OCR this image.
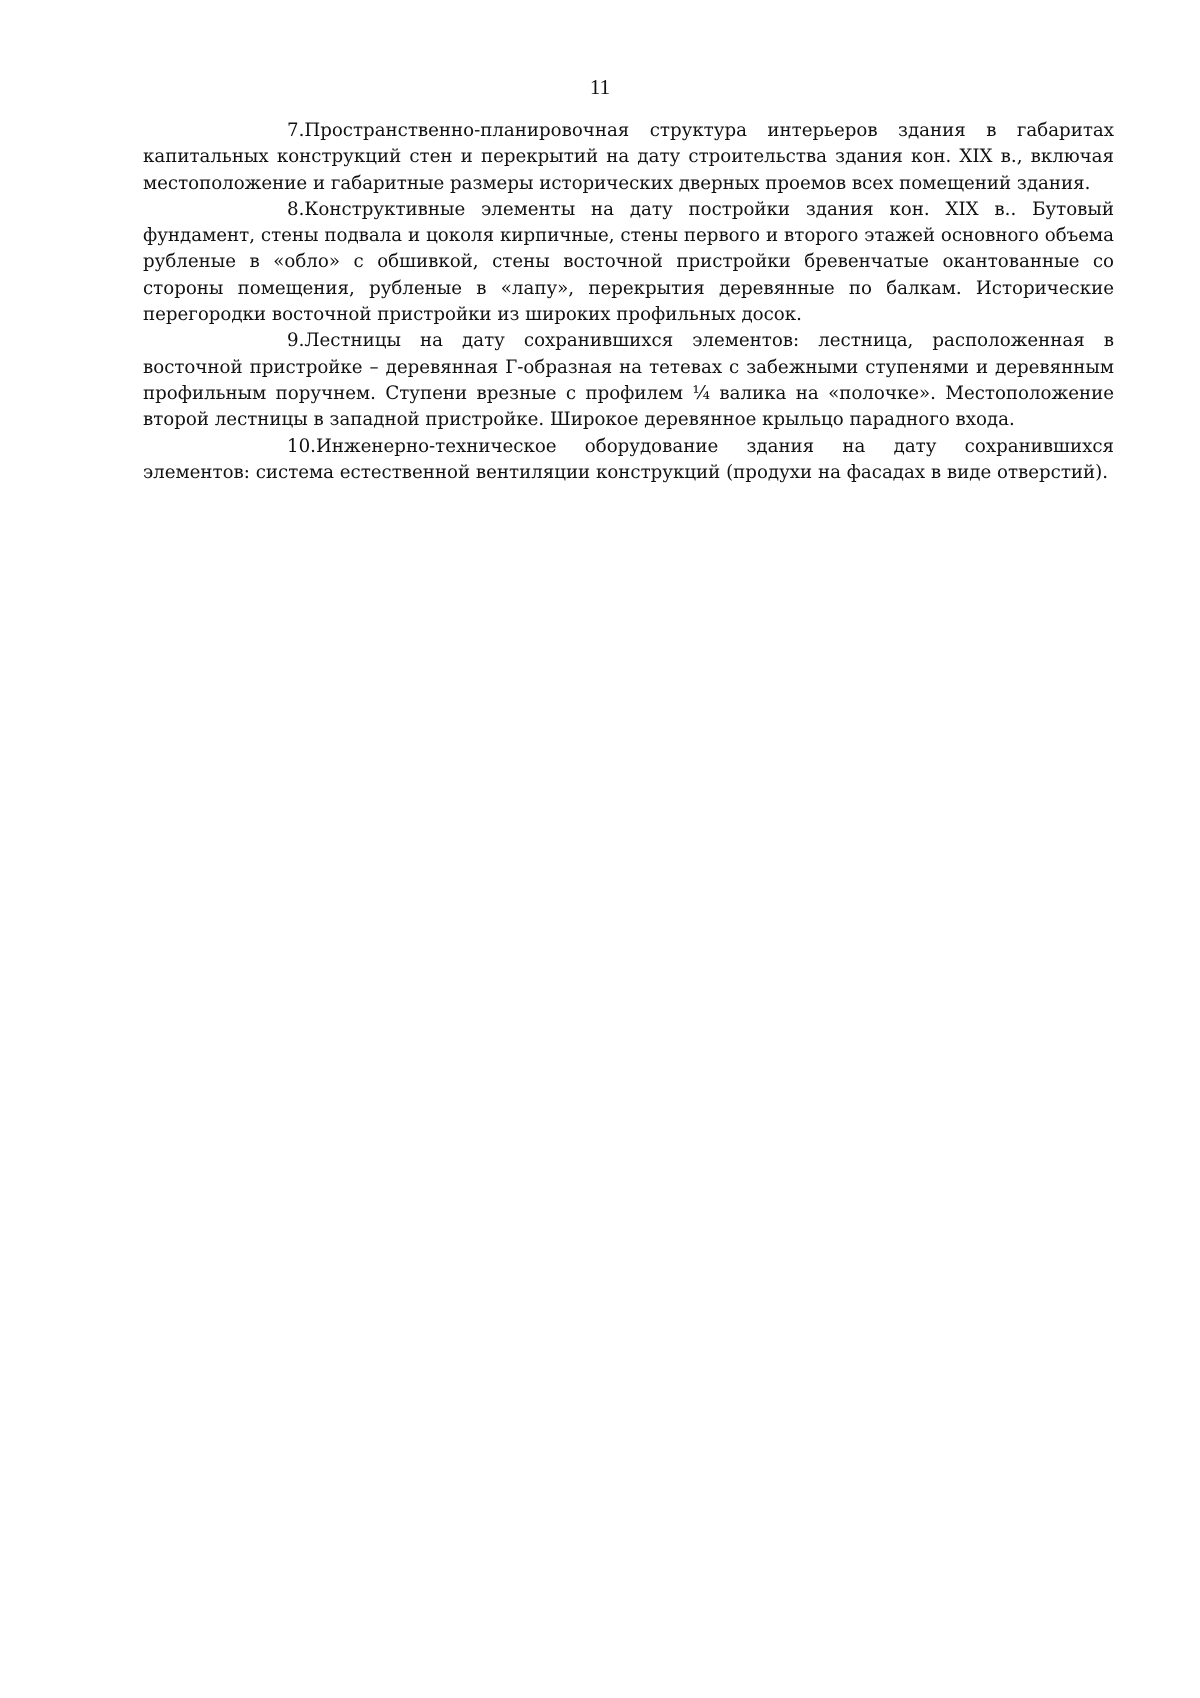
11

7.Пространственно-планировочная структура интерьеров здания в габаритах капитальных конструкций стен и перекрытий на дату строительства здания кон. XIX в., включая местоположение и габаритные размеры исторических дверных проемов всех помещений здания.

8.Конструктивные элементы на дату постройки здания кон. XIX в.. Бутовый фундамент, стены подвала и цоколя кирпичные, стены первого и второго этажей основного объема рубленые в «обло» с обшивкой, стены восточной пристройки бревенчатые окантованные со стороны помещения, рубленые в «лапу», перекрытия деревянные по балкам. Исторические перегородки восточной пристройки из широких профильных досок.

9.Лестницы на дату сохранившихся элементов: лестница, расположенная в восточной пристройке – деревянная Г-образная на тетевах с забежными ступенями и деревянным профильным поручнем. Ступени врезные с профилем ¼ валика на «полочке». Местоположение второй лестницы в западной пристройке. Широкое деревянное крыльцо парадного входа.

10.Инженерно-техническое оборудование здания на дату сохранившихся элементов: система естественной вентиляции конструкций (продухи на фасадах в виде отверстий).
